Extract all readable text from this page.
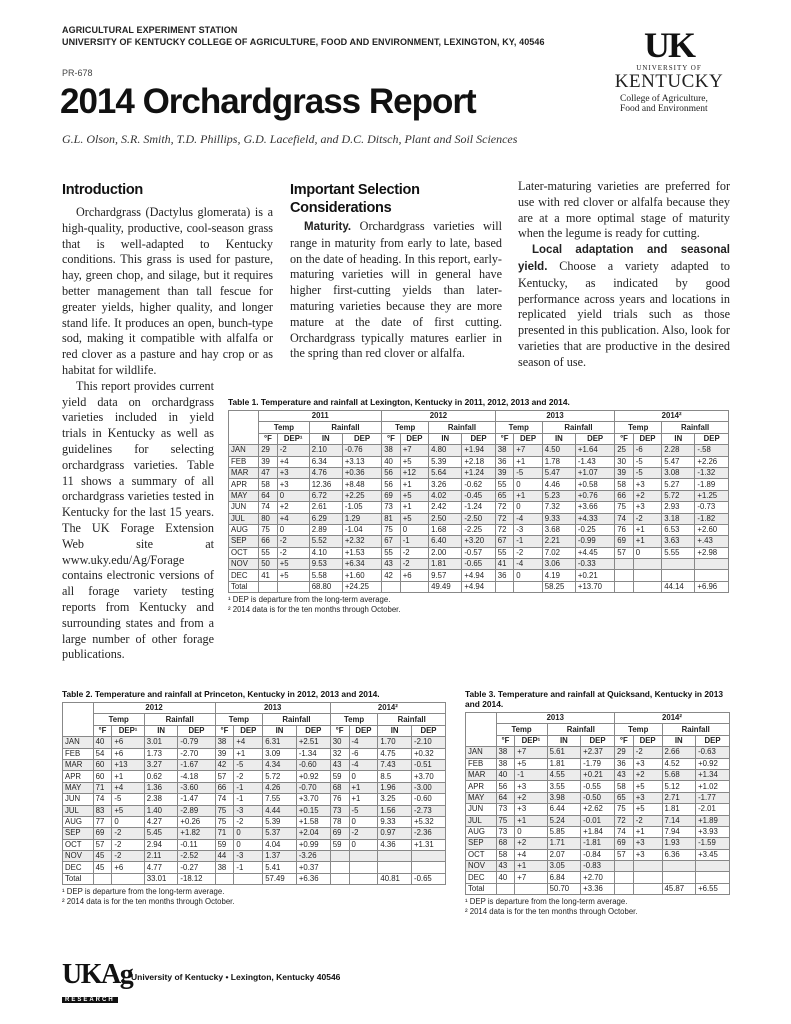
AGRICULTURAL EXPERIMENT STATION
UNIVERSITY OF KENTUCKY COLLEGE OF AGRICULTURE, FOOD AND ENVIRONMENT, LEXINGTON, KY, 40546
PR-678
2014 Orchardgrass Report
G.L. Olson, S.R. Smith, T.D. Phillips, G.D. Lacefield, and D.C. Ditsch, Plant and Soil Sciences
UK
UNIVERSITY OF
KENTUCKY
College of Agriculture,
Food and Environment
Introduction

Orchardgrass (Dactylus glomerata) is a high-quality, productive, cool-season grass that is well-adapted to Kentucky conditions. This grass is used for pasture, hay, green chop, and silage, but it requires better management than tall fescue for greater yields, higher quality, and longer stand life. It produces an open, bunch-type sod, making it compatible with alfalfa or red clover as a pasture and hay crop or as habitat for wildlife.

This report provides current yield data on orchardgrass varieties included in yield trials in Kentucky as well as guidelines for selecting orchardgrass varieties. Table 11 shows a summary of all orchardgrass varieties tested in Kentucky for the last 15 years. The UK Forage Extension Web site at www.uky.edu/Ag/Forage contains electronic versions of all forage variety testing reports from Kentucky and surrounding states and from a large number of other forage publications.

Important Selection Considerations

Maturity. Orchardgrass varieties will range in maturity from early to late, based on the date of heading. In this report, early-maturing varieties will in general have higher first-cutting yields than later-maturing varieties because they are more mature at the date of first cutting. Orchardgrass typically matures earlier in the spring than red clover or alfalfa.

Later-maturing varieties are preferred for use with red clover or alfalfa because they are at a more optimal stage of maturity when the legume is ready for cutting.

Local adaptation and seasonal yield. Choose a variety adapted to Kentucky, as indicated by good performance across years and locations in replicated yield trials such as those presented in this publication. Also, look for varieties that are productive in the desired season of use.

Table 1. Temperature and rainfall at Lexington, Kentucky in 2011, 2012, 2013 and 2014.
	2011				2012				2013				2014²			
	Temp		Rainfall		Temp		Rainfall		Temp		Rainfall		Temp		Rainfall	
	°F	DEP¹	IN	DEP	°F	DEP	IN	DEP	°F	DEP	IN	DEP	°F	DEP	IN	DEP
JAN	29	-2	2.10	-0.76	38	+7	4.80	+1.94	38	+7	4.50	+1.64	25	-6	2.28	-.58
FEB	39	+4	6.34	+3.13	40	+5	5.39	+2.18	36	+1	1.78	-1.43	30	-5	5.47	+2.26
MAR	47	+3	4.76	+0.36	56	+12	5.64	+1.24	39	-5	5.47	+1.07	39	-5	3.08	-1.32
APR	58	+3	12.36	+8.48	56	+1	3.26	-0.62	55	0	4.46	+0.58	58	+3	5.27	-1.89
MAY	64	0	6.72	+2.25	69	+5	4.02	-0.45	65	+1	5.23	+0.76	66	+2	5.72	+1.25
JUN	74	+2	2.61	-1.05	73	+1	2.42	-1.24	72	0	7.32	+3.66	75	+3	2.93	-0.73
JUL	80	+4	6.29	1.29	81	+5	2.50	-2.50	72	-4	9.33	+4.33	74	-2	3.18	-1.82
AUG	75	0	2.89	-1.04	75	0	1.68	-2.25	72	-3	3.68	-0.25	76	+1	6.53	+2.60
SEP	66	-2	5.52	+2.32	67	-1	6.40	+3.20	67	-1	2.21	-0.99	69	+1	3.63	+.43
OCT	55	-2	4.10	+1.53	55	-2	2.00	-0.57	55	-2	7.02	+4.45	57	0	5.55	+2.98
NOV	50	+5	9.53	+6.34	43	-2	1.81	-0.65	41	-4	3.06	-0.33				
DEC	41	+5	5.58	+1.60	42	+6	9.57	+4.94	36	0	4.19	+0.21				
Total			68.80	+24.25			49.49	+4.94			58.25	+13.70			44.14	+6.96
¹ DEP is departure from the long-term average.
² 2014 data is for the ten months through October.
Table 2. Temperature and rainfall at Princeton, Kentucky in 2012, 2013 and 2014.
	2012				2013				2014²			
	Temp		Rainfall		Temp		Rainfall		Temp		Rainfall	
	°F	DEP¹	IN	DEP	°F	DEP	IN	DEP	°F	DEP	IN	DEP
JAN	40	+6	3.01	-0.79	38	+4	6.31	+2.51	30	-4	1.70	-2.10
FEB	54	+6	1.73	-2.70	39	+1	3.09	-1.34	32	-6	4.75	+0.32
MAR	60	+13	3.27	-1.67	42	-5	4.34	-0.60	43	-4	7.43	-0.51
APR	60	+1	0.62	-4.18	57	-2	5.72	+0.92	59	0	8.5	+3.70
MAY	71	+4	1.36	-3.60	66	-1	4.26	-0.70	68	+1	1.96	-3.00
JUN	74	-5	2.38	-1.47	74	-1	7.55	+3.70	76	+1	3.25	-0.60
JUL	83	+5	1.40	-2.89	75	-3	4.44	+0.15	73	-5	1.56	-2.73
AUG	77	0	4.27	+0.26	75	-2	5.39	+1.58	78	0	9.33	+5.32
SEP	69	-2	5.45	+1.82	71	0	5.37	+2.04	69	-2	0.97	-2.36
OCT	57	-2	2.94	-0.11	59	0	4.04	+0.99	59	0	4.36	+1.31
NOV	45	-2	2.11	-2.52	44	-3	1.37	-3.26				
DEC	45	+6	4.77	-0.27	38	-1	5.41	+0.37				
Total			33.01	-18.12			57.49	+6.36			40.81	-0.65
¹ DEP is departure from the long-term average.
² 2014 data is for the ten months through October.
Table 3. Temperature and rainfall at Quicksand, Kentucky in 2013 and 2014.
	2013				2014²			
	Temp		Rainfall		Temp		Rainfall	
	°F	DEP¹	IN	DEP	°F	DEP	IN	DEP
JAN	38	+7	5.61	+2.37	29	-2	2.66	-0.63
FEB	38	+5	1.81	-1.79	36	+3	4.52	+0.92
MAR	40	-1	4.55	+0.21	43	+2	5.68	+1.34
APR	56	+3	3.55	-0.55	58	+5	5.12	+1.02
MAY	64	+2	3.98	-0.50	65	+3	2.71	-1.77
JUN	73	+3	6.44	+2.62	75	+5	1.81	-2.01
JUL	75	+1	5.24	-0.01	72	-2	7.14	+1.89
AUG	73	0	5.85	+1.84	74	+1	7.94	+3.93
SEP	68	+2	1.71	-1.81	69	+3	1.93	-1.59
OCT	58	+4	2.07	-0.84	57	+3	6.36	+3.45
NOV	43	+1	3.05	-0.83				
DEC	40	+7	6.84	+2.70				
Total			50.70	+3.36			45.87	+6.55
¹ DEP is departure from the long-term average.
² 2014 data is for the ten months through October.
UKAg
RESEARCH
University of Kentucky • Lexington, Kentucky 40546
